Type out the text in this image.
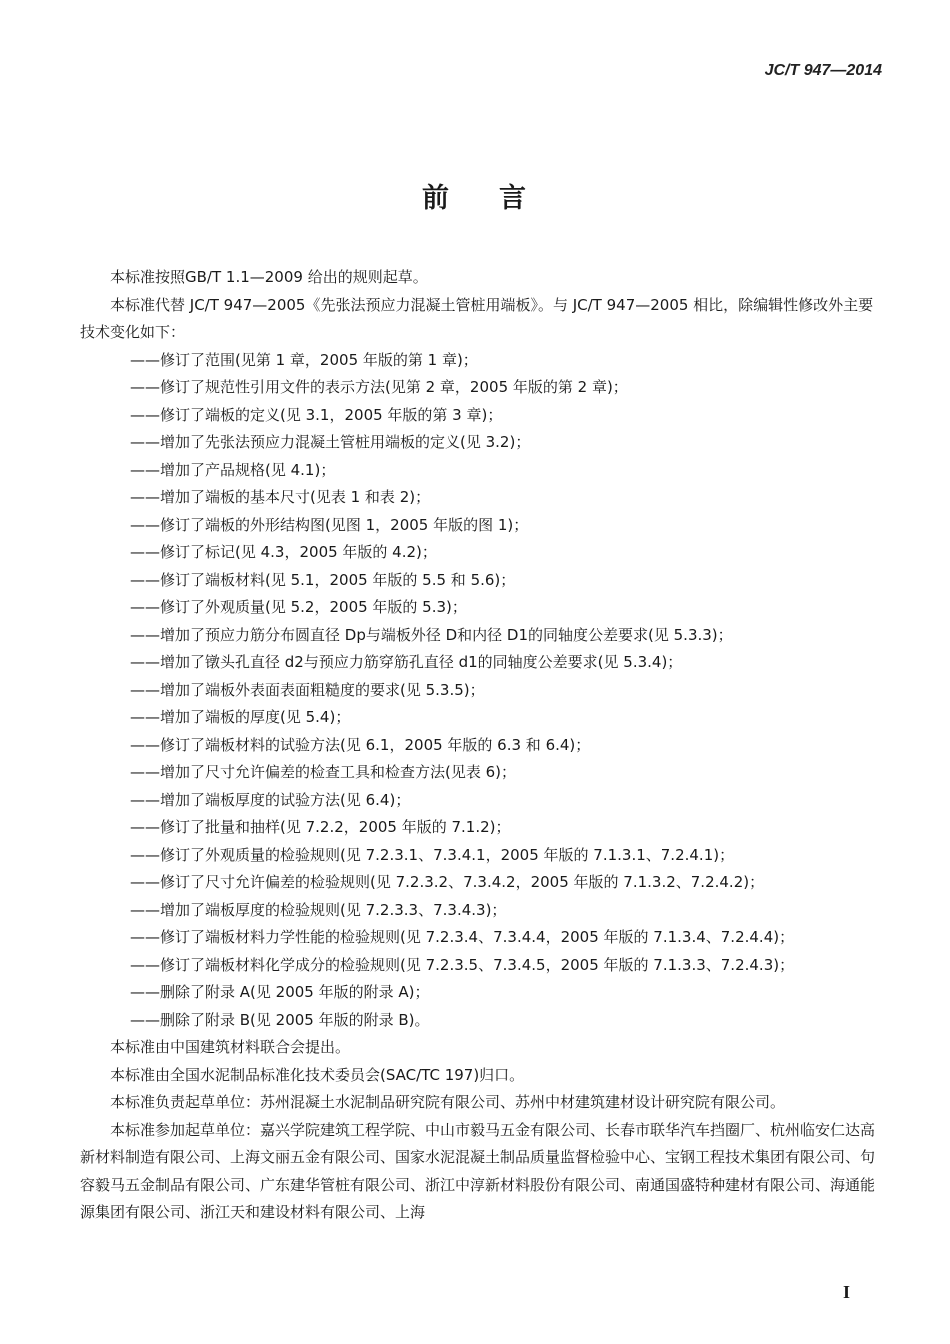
JC/T 947—2014
前 言

本标准按照GB/T 1.1—2009 给出的规则起草。

本标准代替 JC/T 947—2005《先张法预应力混凝土管桩用端板》。与 JC/T 947—2005 相比，除编辑性修改外主要技术变化如下：

——修订了范围(见第 1 章，2005 年版的第 1 章)；

——修订了规范性引用文件的表示方法(见第 2 章，2005 年版的第 2 章)；

——修订了端板的定义(见 3.1，2005 年版的第 3 章)；

——增加了先张法预应力混凝土管桩用端板的定义(见 3.2)；

——增加了产品规格(见 4.1)；

——增加了端板的基本尺寸(见表 1 和表 2)；

——修订了端板的外形结构图(见图 1，2005 年版的图 1)；

——修订了标记(见 4.3，2005 年版的 4.2)；

——修订了端板材料(见 5.1，2005 年版的 5.5 和 5.6)；

——修订了外观质量(见 5.2，2005 年版的 5.3)；

——增加了预应力筋分布圆直径 Dp与端板外径 D和内径 D1的同轴度公差要求(见 5.3.3)；

——增加了镦头孔直径 d2与预应力筋穿筋孔直径 d1的同轴度公差要求(见 5.3.4)；

——增加了端板外表面表面粗糙度的要求(见 5.3.5)；

——增加了端板的厚度(见 5.4)；

——修订了端板材料的试验方法(见 6.1，2005 年版的 6.3 和 6.4)；

——增加了尺寸允许偏差的检查工具和检查方法(见表 6)；

——增加了端板厚度的试验方法(见 6.4)；

——修订了批量和抽样(见 7.2.2，2005 年版的 7.1.2)；

——修订了外观质量的检验规则(见 7.2.3.1、7.3.4.1，2005 年版的 7.1.3.1、7.2.4.1)；

——修订了尺寸允许偏差的检验规则(见 7.2.3.2、7.3.4.2，2005 年版的 7.1.3.2、7.2.4.2)；

——增加了端板厚度的检验规则(见 7.2.3.3、7.3.4.3)；

——修订了端板材料力学性能的检验规则(见 7.2.3.4、7.3.4.4，2005 年版的 7.1.3.4、7.2.4.4)；

——修订了端板材料化学成分的检验规则(见 7.2.3.5、7.3.4.5，2005 年版的 7.1.3.3、7.2.4.3)；

——删除了附录 A(见 2005 年版的附录 A)；

——删除了附录 B(见 2005 年版的附录 B)。

本标准由中国建筑材料联合会提出。

本标准由全国水泥制品标准化技术委员会(SAC/TC 197)归口。

本标准负责起草单位：苏州混凝土水泥制品研究院有限公司、苏州中材建筑建材设计研究院有限公司。

本标准参加起草单位：嘉兴学院建筑工程学院、中山市毅马五金有限公司、长春市联华汽车挡圈厂、杭州临安仁达高新材料制造有限公司、上海文丽五金有限公司、国家水泥混凝土制品质量监督检验中心、宝钢工程技术集团有限公司、句容毅马五金制品有限公司、广东建华管桩有限公司、浙江中淳新材料股份有限公司、南通国盛特种建材有限公司、海通能源集团有限公司、浙江天和建设材料有限公司、上海

I
